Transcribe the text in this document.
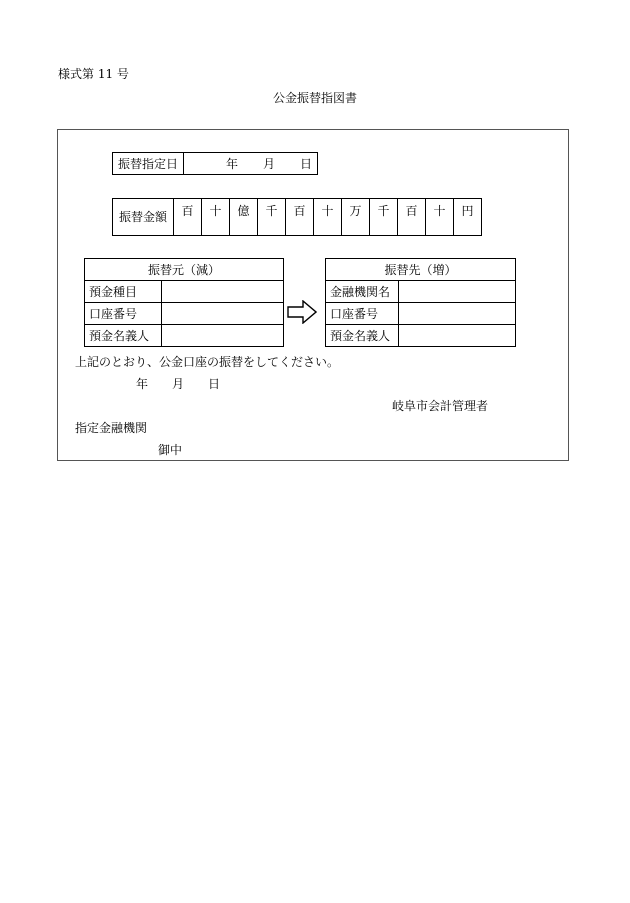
様式第 11 号
公金振替指図書
振替指定日	年 月 日
振替金額	百	十	億	千	百	十	万	千	百	十	円
振替元（減）	
預金種目	
口座番号	
預金名義人	
振替先（増）	
金融機関名	
口座番号	
預金名義人	
上記のとおり、公金口座の振替をしてください。
年 月 日
岐阜市会計管理者
指定金融機関
御中
